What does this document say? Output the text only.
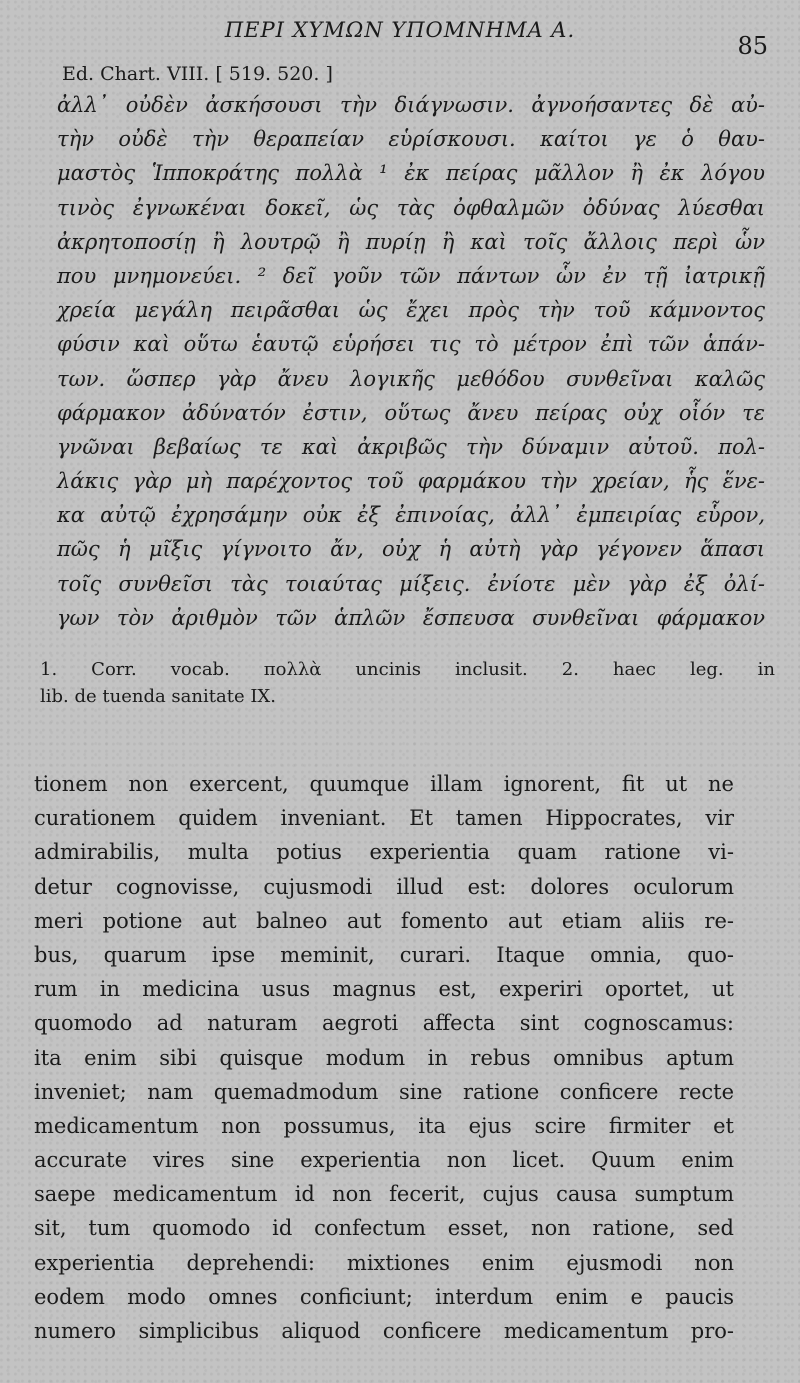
ΠΕΡΙ ΧΥΜΩΝ ΥΠΟΜΝΗΜΑ Α.
85
Ed. Chart. VIII. [ 519. 520. ]
ἀλλ᾽ οὐδὲν ἀσκήσουσι τὴν διάγνωσιν. ἀγνοήσαντες δὲ αὐ-
τὴν οὐδὲ τὴν θεραπείαν εὑρίσκουσι. καίτοι γε ὁ θαυ-
μαστὸς Ἱπποκράτης πολλὰ ¹ ἐκ πείρας μᾶλλον ἢ ἐκ λόγου
τινὸς ἐγνωκέναι δοκεῖ, ὡς τὰς ὀφθαλμῶν ὀδύνας λύεσθαι
ἀκρητοποσίῃ ἢ λουτρῷ ἢ πυρίῃ ἢ καὶ τοῖς ἄλλοις περὶ ὧν
που μνημονεύει. ² δεῖ γοῦν τῶν πάντων ὧν ἐν τῇ ἰατρικῇ
χρεία μεγάλη πειρᾶσθαι ὡς ἔχει πρὸς τὴν τοῦ κάμνοντος
φύσιν καὶ οὕτω ἑαυτῷ εὑρήσει τις τὸ μέτρον ἐπὶ τῶν ἁπάν-
των. ὥσπερ γὰρ ἄνευ λογικῆς μεθόδου συνθεῖναι καλῶς
φάρμακον ἀδύνατόν ἐστιν, οὕτως ἄνευ πείρας οὐχ οἷόν τε
γνῶναι βεβαίως τε καὶ ἀκριβῶς τὴν δύναμιν αὐτοῦ. πολ-
λάκις γὰρ μὴ παρέχοντος τοῦ φαρμάκου τὴν χρείαν, ἧς ἕνε-
κα αὐτῷ ἐχρησάμην οὐκ ἐξ ἐπινοίας, ἀλλ᾽ ἐμπειρίας εὗρον,
πῶς ἡ μῖξις γίγνοιτο ἄν, οὐχ ἡ αὐτὴ γὰρ γέγονεν ἅπασι
τοῖς συνθεῖσι τὰς τοιαύτας μίξεις. ἐνίοτε μὲν γὰρ ἐξ ὀλί-
γων τὸν ἀριθμὸν τῶν ἁπλῶν ἔσπευσα συνθεῖναι φάρμακον
1. Corr. vocab. πολλὰ uncinis inclusit. 2. haec leg. in
lib. de tuenda sanitate IX.
tionem non exercent, quumque illam ignorent, fit ut ne
curationem quidem inveniant. Et tamen Hippocrates, vir
admirabilis, multa potius experientia quam ratione vi-
detur cognovisse, cujusmodi illud est: dolores oculorum
meri potione aut balneo aut fomento aut etiam aliis re-
bus, quarum ipse meminit, curari. Itaque omnia, quo-
rum in medicina usus magnus est, experiri oportet, ut
quomodo ad naturam aegroti affecta sint cognoscamus:
ita enim sibi quisque modum in rebus omnibus aptum
inveniet; nam quemadmodum sine ratione conficere recte
medicamentum non possumus, ita ejus scire firmiter et
accurate vires sine experientia non licet. Quum enim
saepe medicamentum id non fecerit, cujus causa sumptum
sit, tum quomodo id confectum esset, non ratione, sed
experientia deprehendi: mixtiones enim ejusmodi non
eodem modo omnes conficiunt; interdum enim e paucis
numero simplicibus aliquod conficere medicamentum pro-
